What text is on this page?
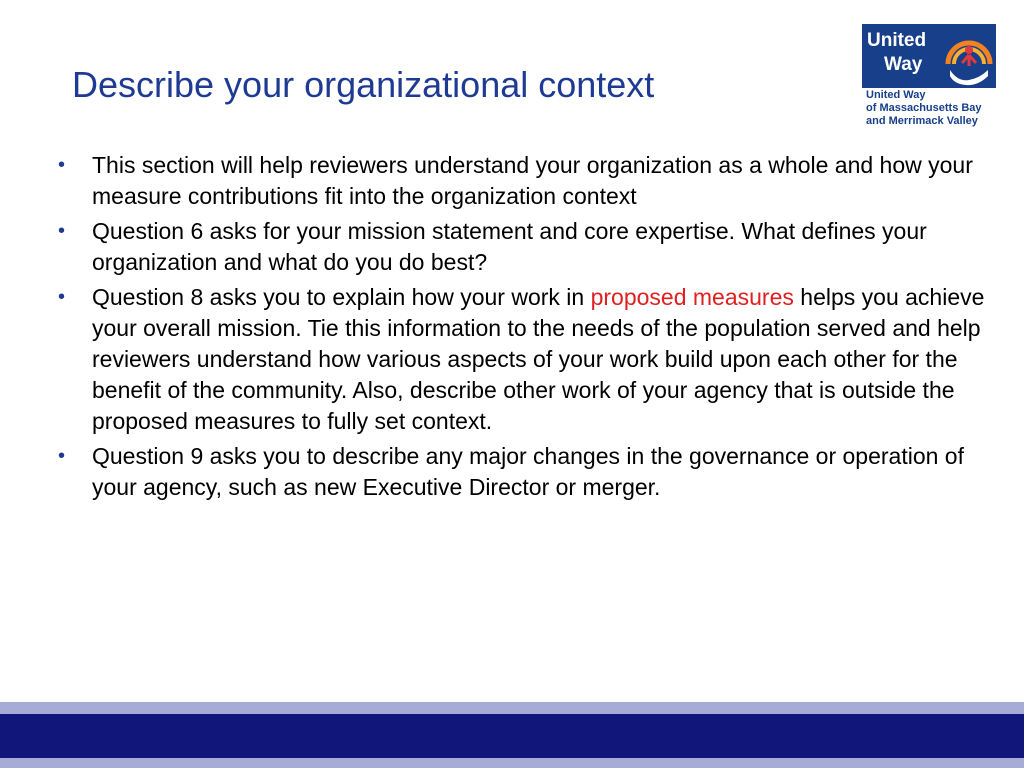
Describe your organizational context
United
Way
United Way
of Massachusetts Bay
and Merrimack Valley
• This section will help reviewers understand your organization as a whole and how your measure contributions fit into the organization context
• Question 6 asks for your mission statement and core expertise. What defines your organization and what do you do best?
• Question 8 asks you to explain how your work in proposed measures helps you achieve your overall mission. Tie this information to the needs of the population served and help reviewers understand how various aspects of your work build upon each other for the benefit of the community. Also, describe other work of your agency that is outside the proposed measures to fully set context.
• Question 9 asks you to describe any major changes in the governance or operation of your agency, such as new Executive Director or merger.
